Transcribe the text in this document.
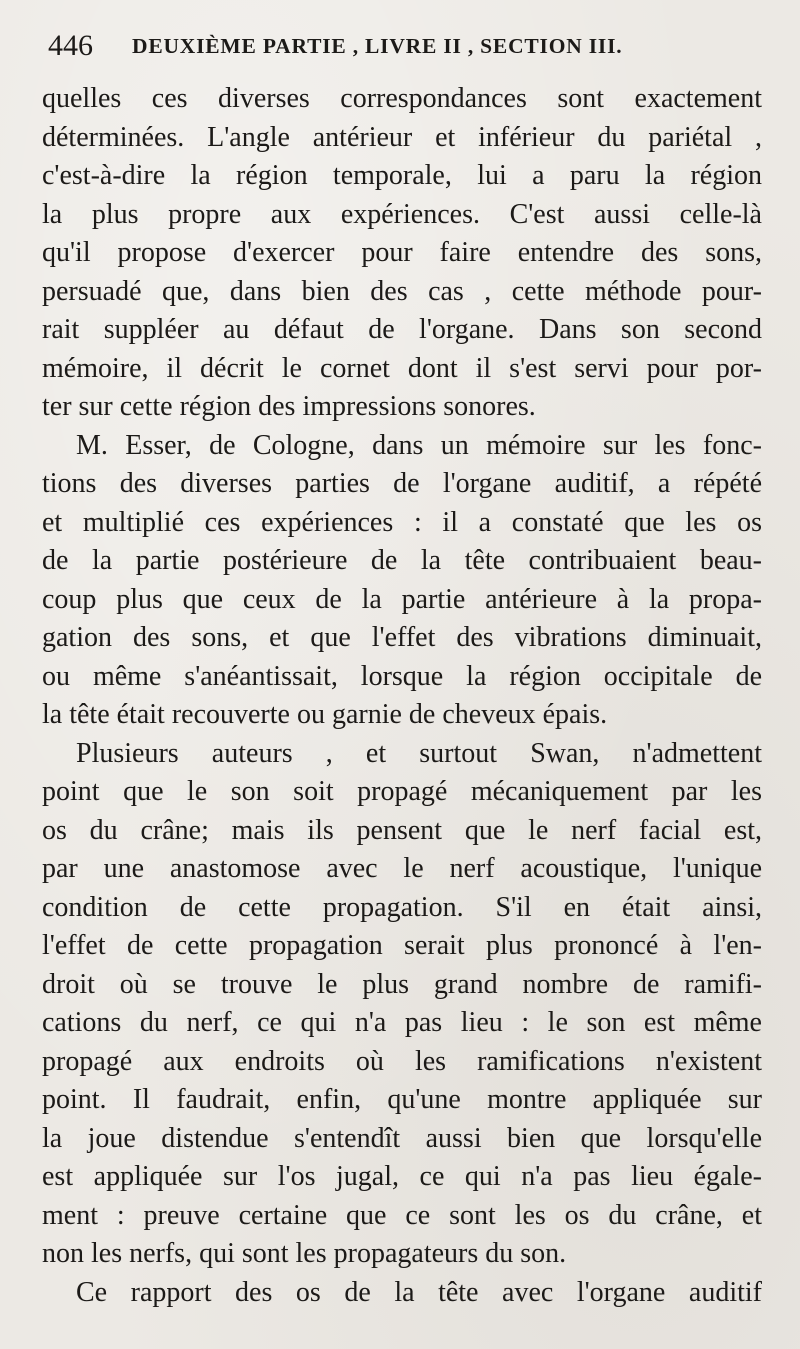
446 DEUXIÈME PARTIE , LIVRE II , SECTION III.
quelles ces diverses correspondances sont exactement
déterminées. L'angle antérieur et inférieur du pariétal ,
c'est-à-dire la région temporale, lui a paru la région
la plus propre aux expériences. C'est aussi celle-là
qu'il propose d'exercer pour faire entendre des sons,
persuadé que, dans bien des cas , cette méthode pour-
rait suppléer au défaut de l'organe. Dans son second
mémoire, il décrit le cornet dont il s'est servi pour por-
ter sur cette région des impressions sonores.
M. Esser, de Cologne, dans un mémoire sur les fonc-
tions des diverses parties de l'organe auditif, a répété
et multiplié ces expériences : il a constaté que les os
de la partie postérieure de la tête contribuaient beau-
coup plus que ceux de la partie antérieure à la propa-
gation des sons, et que l'effet des vibrations diminuait,
ou même s'anéantissait, lorsque la région occipitale de
la tête était recouverte ou garnie de cheveux épais.
Plusieurs auteurs , et surtout Swan, n'admettent
point que le son soit propagé mécaniquement par les
os du crâne; mais ils pensent que le nerf facial est,
par une anastomose avec le nerf acoustique, l'unique
condition de cette propagation. S'il en était ainsi,
l'effet de cette propagation serait plus prononcé à l'en-
droit où se trouve le plus grand nombre de ramifi-
cations du nerf, ce qui n'a pas lieu : le son est même
propagé aux endroits où les ramifications n'existent
point. Il faudrait, enfin, qu'une montre appliquée sur
la joue distendue s'entendît aussi bien que lorsqu'elle
est appliquée sur l'os jugal, ce qui n'a pas lieu égale-
ment : preuve certaine que ce sont les os du crâne, et
non les nerfs, qui sont les propagateurs du son.
Ce rapport des os de la tête avec l'organe auditif
